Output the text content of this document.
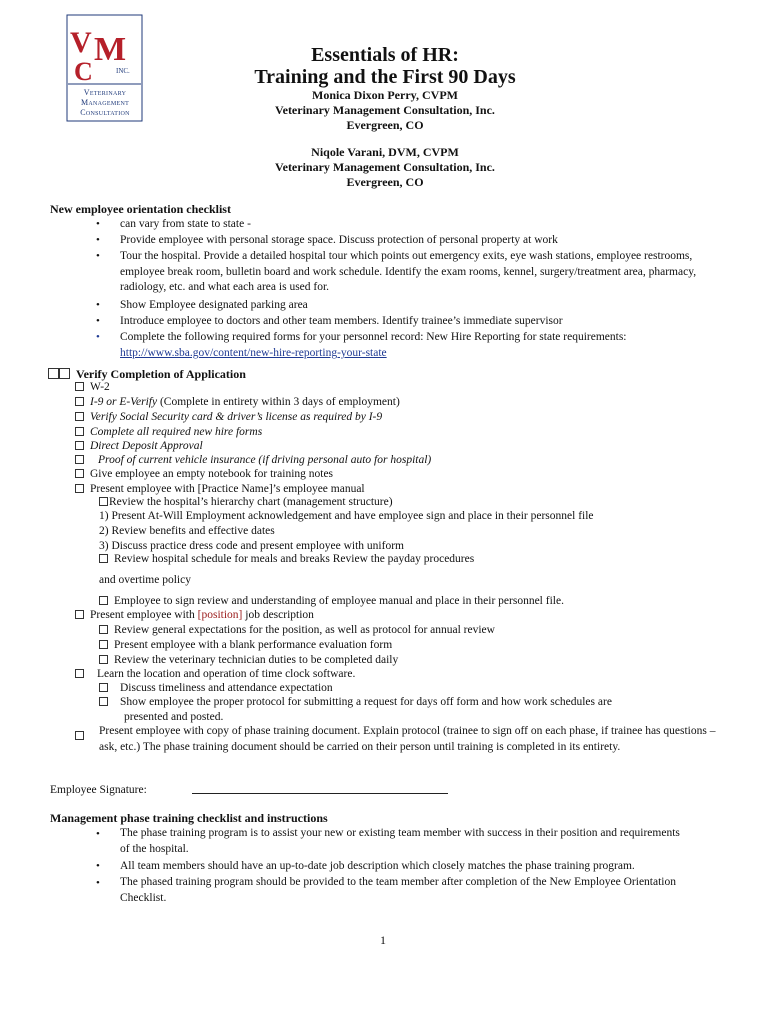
V M
C	INC.
Veterinary
Management
Consultation
Essentials of HR:
Training and the First 90 Days
Monica Dixon Perry, CVPM
Veterinary Management Consultation, Inc.
Evergreen, CO
Niqole Varani, DVM, CVPM
Veterinary Management Consultation, Inc.
Evergreen, CO
New employee orientation checklist
• can vary from state to state -
• Provide employee with personal storage space. Discuss protection of personal property at work
• Tour the hospital. Provide a detailed hospital tour which points out emergency exits, eye wash stations, employee restrooms, employee break room, bulletin board and work schedule. Identify the exam rooms, kennel, surgery/treatment area, pharmacy, radiology, etc. and what each area is used for.
• Show Employee designated parking area
• Introduce employee to doctors and other team members. Identify trainee’s immediate supervisor
• Complete the following required forms for your personnel record: New Hire Reporting for state requirements:
http://www.sba.gov/content/new-hire-reporting-your-state
Verify Completion of Application
W-2
I-9 or E-Verify (Complete in entirety within 3 days of employment)
Verify Social Security card & driver’s license as required by I-9
Complete all required new hire forms
Direct Deposit Approval
Proof of current vehicle insurance (if driving personal auto for hospital)
Give employee an empty notebook for training notes
Present employee with [Practice Name]’s employee manual
Review the hospital’s hierarchy chart (management structure)
1) Present At-Will Employment acknowledgement and have employee sign and place in their personnel file
2) Review benefits and effective dates
3) Discuss practice dress code and present employee with uniform
Review hospital schedule for meals and breaks Review the payday procedures
and overtime policy
Employee to sign review and understanding of employee manual and place in their personnel file.
Present employee with [position] job description
Review general expectations for the position, as well as protocol for annual review
Present employee with a blank performance evaluation form
Review the veterinary technician duties to be completed daily
Learn the location and operation of time clock software.
Discuss timeliness and attendance expectation
Show employee the proper protocol for submitting a request for days off form and how work schedules are
presented and posted.
Present employee with copy of phase training document. Explain protocol (trainee to sign off on each phase, if trainee has questions – ask, etc.) The phase training document should be carried on their person until training is completed in its entirety.
Employee Signature:
Management phase training checklist and instructions
• The phase training program is to assist your new or existing team member with success in their position and requirements of the hospital.
• All team members should have an up-to-date job description which closely matches the phase training program.
• The phased training program should be provided to the team member after completion of the New Employee Orientation Checklist.
1
